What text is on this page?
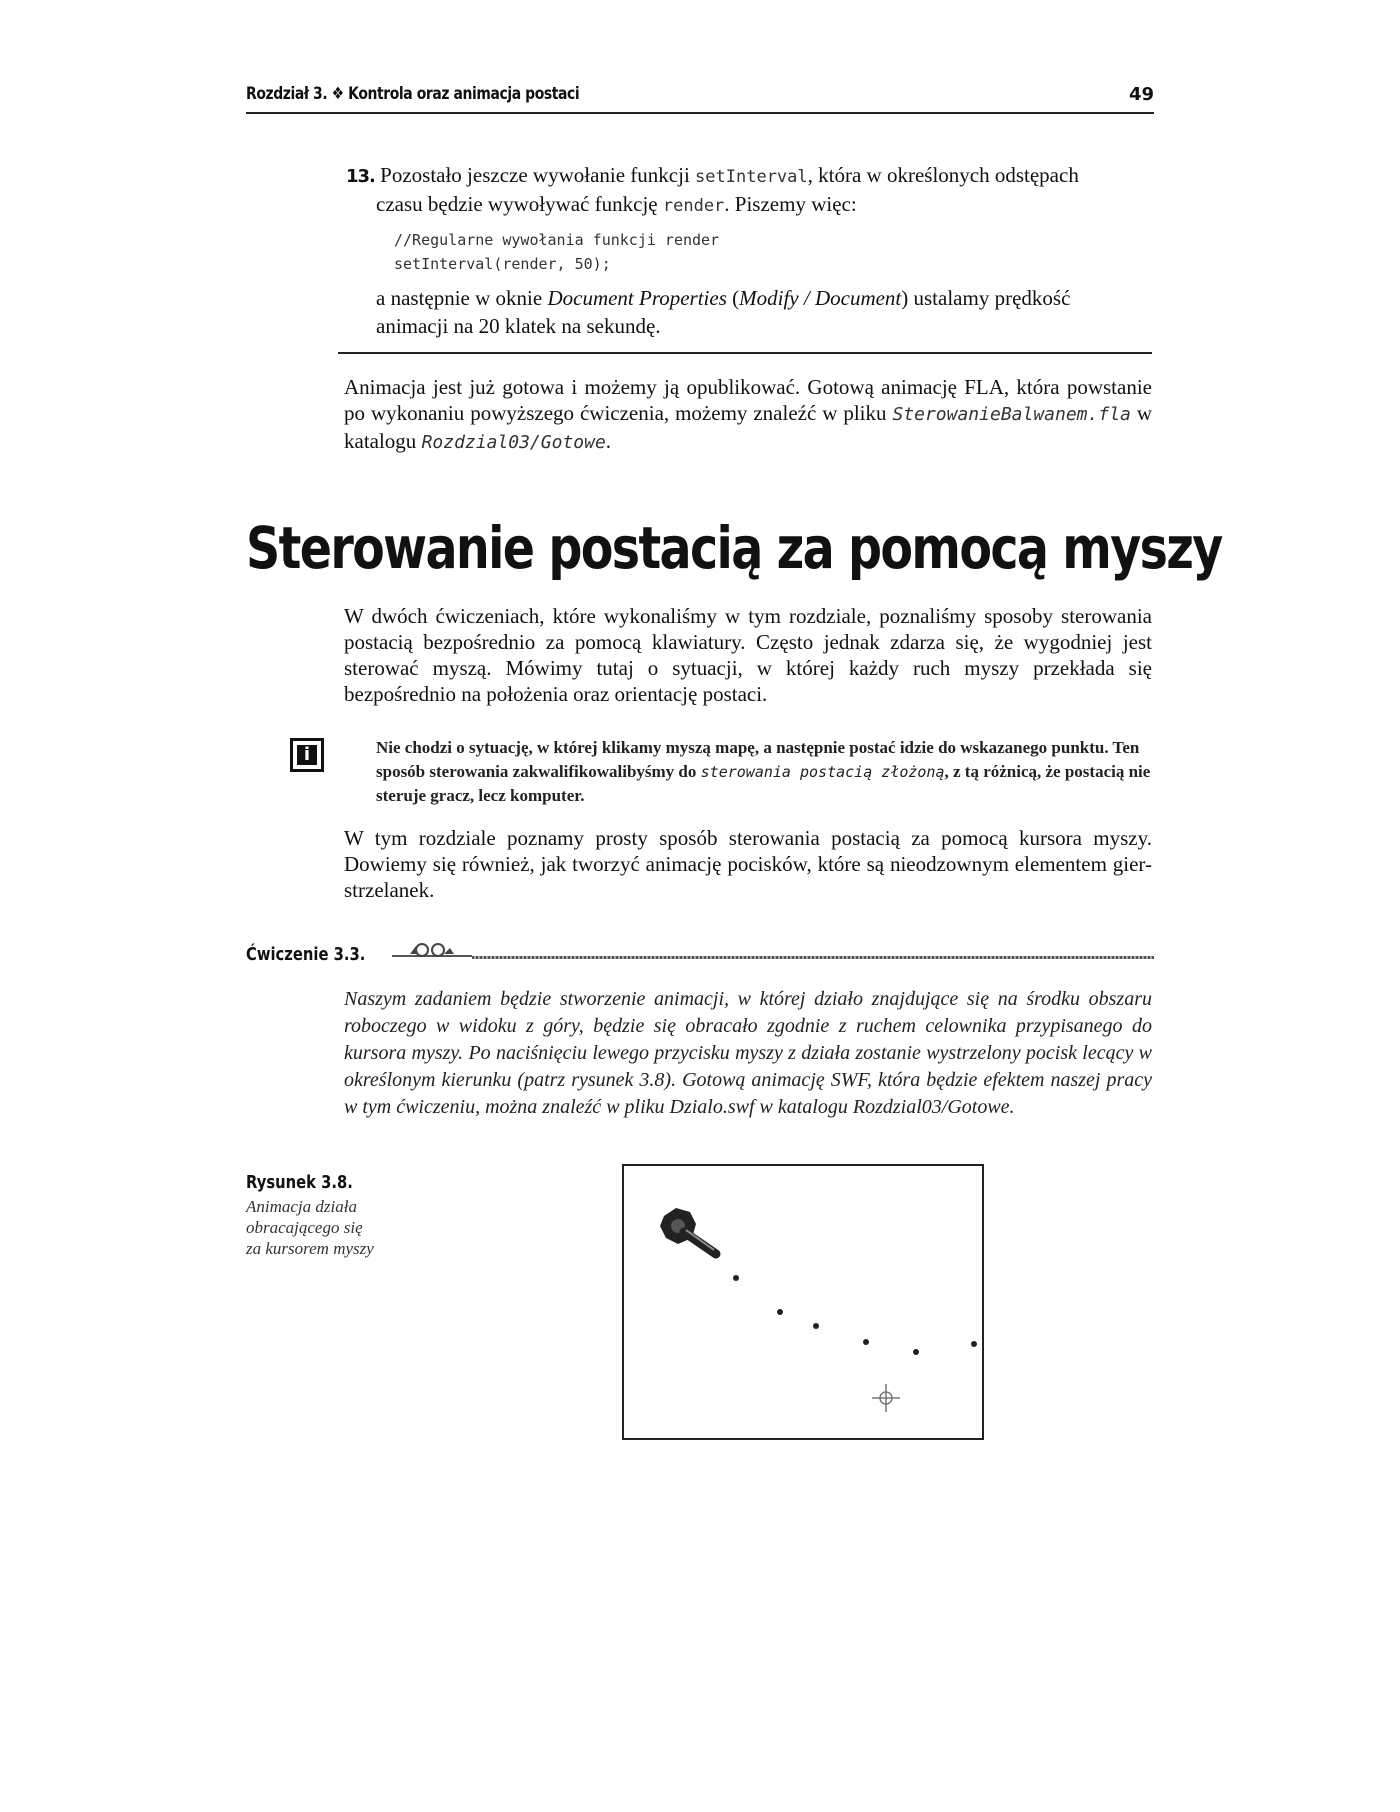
Rozdział 3. ❖ Kontrola oraz animacja postaci	49
13. Pozostało jeszcze wywołanie funkcji setInterval, która w określonych odstępach
czasu będzie wywoływać funkcję render. Piszemy więc:
//Regularne wywołania funkcji render
setInterval(render, 50);
a następnie w oknie Document Properties (Modify / Document) ustalamy prędkość
animacji na 20 klatek na sekundę.
Animacja jest już gotowa i możemy ją opublikować. Gotową animację FLA, która powstanie po wykonaniu powyższego ćwiczenia, możemy znaleźć w pliku SterowanieBalwanem.fla w katalogu Rozdzial03/Gotowe.
Sterowanie postacią za pomocą myszy
W dwóch ćwiczeniach, które wykonaliśmy w tym rozdziale, poznaliśmy sposoby sterowania postacią bezpośrednio za pomocą klawiatury. Często jednak zdarza się, że wygodniej jest sterować myszą. Mówimy tutaj o sytuacji, w której każdy ruch myszy przekłada się bezpośrednio na położenia oraz orientację postaci.
i	Nie chodzi o sytuację, w której klikamy myszą mapę, a następnie postać idzie do wskazanego punktu. Ten sposób sterowania zakwalifikowalibyśmy do sterowania postacią złożoną, z tą różnicą, że postacią nie steruje gracz, lecz komputer.
W tym rozdziale poznamy prosty sposób sterowania postacią za pomocą kursora myszy. Dowiemy się również, jak tworzyć animację pocisków, które są nieodzownym elementem gier-strzelanek.
Ćwiczenie 3.3.
Naszym zadaniem będzie stworzenie animacji, w której działo znajdujące się na środku obszaru roboczego w widoku z góry, będzie się obracało zgodnie z ruchem celownika przypisanego do kursora myszy. Po naciśnięciu lewego przycisku myszy z działa zostanie wystrzelony pocisk lecący w określonym kierunku (patrz rysunek 3.8). Gotową animację SWF, która będzie efektem naszej pracy w tym ćwiczeniu, można znaleźć w pliku Dzialo.swf w katalogu Rozdzial03/Gotowe.
Rysunek 3.8.
Animacja działa
obracającego się
za kursorem myszy
